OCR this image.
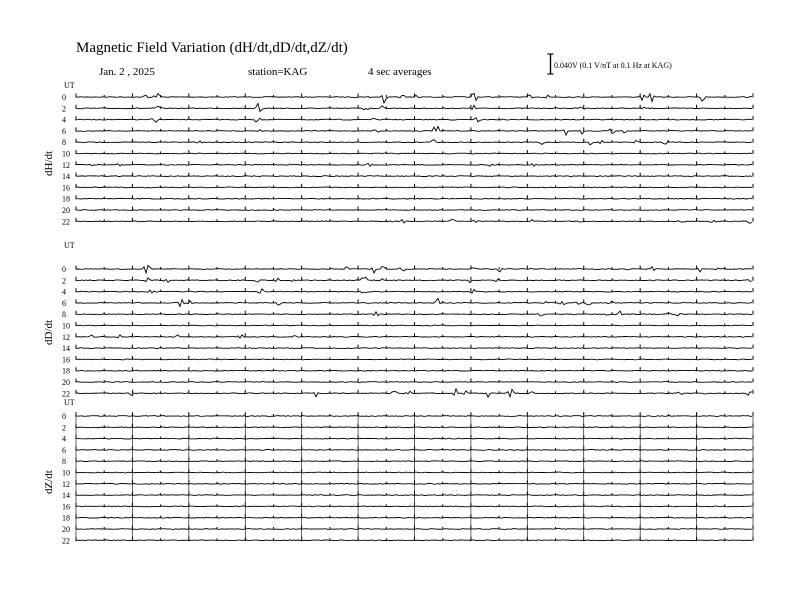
Magnetic Field Variation (dH/dt,dD/dt,dZ/dt)
Jan. 2 , 2025	station=KAG	4 sec averages
0.040V (0.1 V/nT at 0.1 Hz at KAG)
UT
dH/dt
0
2
4
6
8
10
12
14
16
18
20
22
UT
dD/dt
0
2
4
6
8
10
12
14
16
18
20
22
UT
dZ/dt
0
2
4
6
8
10
12
14
16
18
20
22
